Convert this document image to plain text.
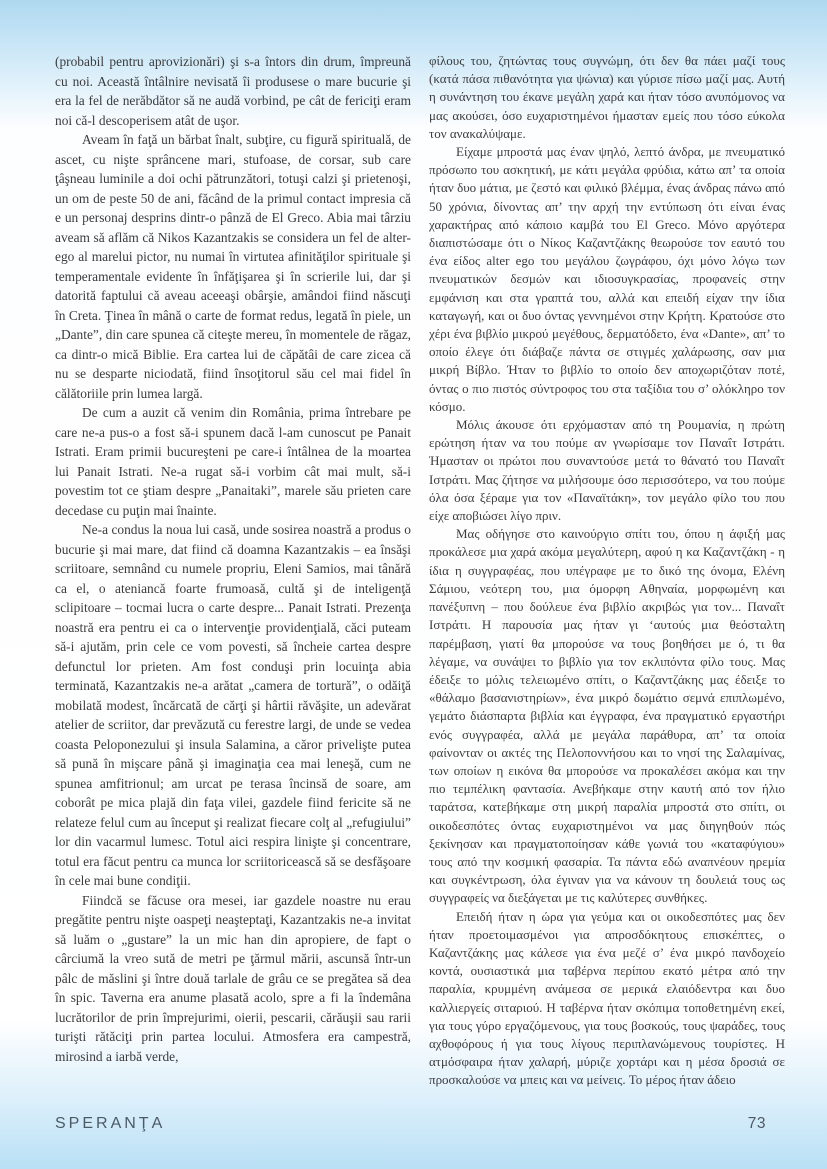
(probabil pentru aprovizionări) şi s-a întors din drum, împreună cu noi. Această întâlnire nevisată îi produsese o mare bucurie şi era la fel de nerăbdător să ne audă vorbind, pe cât de fericiţi eram noi că-l descoperisem atât de uşor.

Aveam în faţă un bărbat înalt, subţire, cu figură spirituală, de ascet, cu nişte sprâncene mari, stufoase, de corsar, sub care ţâşneau luminile a doi ochi pătrunzători, totuşi calzi şi prietenoşi, un om de peste 50 de ani, făcând de la primul contact impresia că e un personaj desprins dintr-o pânză de El Greco. Abia mai târziu aveam să aflăm că Nikos Kazantzakis se considera un fel de alter-ego al marelui pictor, nu numai în virtutea afinităţilor spirituale şi temperamentale evidente în înfăţişarea şi în scrierile lui, dar şi datorită faptului că aveau aceeaşi obârşie, amândoi fiind născuţi în Creta. Ţinea în mână o carte de format redus, legată în piele, un „Dante”, din care spunea că citeşte mereu, în momentele de răgaz, ca dintr-o mică Biblie. Era cartea lui de căpătâi de care zicea că nu se desparte niciodată, fiind însoţitorul său cel mai fidel în călătoriile prin lumea largă.

De cum a auzit că venim din România, prima întrebare pe care ne-a pus-o a fost să-i spunem dacă l-am cunoscut pe Panait Istrati. Eram primii bucureşteni pe care-i întâlnea de la moartea lui Panait Istrati. Ne-a rugat să-i vorbim cât mai mult, să-i povestim tot ce ştiam despre „Panaitaki”, marele său prieten care decedase cu puţin mai înainte.

Ne-a condus la noua lui casă, unde sosirea noastră a produs o bucurie şi mai mare, dat fiind că doamna Kazantzakis – ea însăşi scriitoare, semnând cu numele propriu, Eleni Samios, mai tânără ca el, o ateniancă foarte frumoasă, cultă şi de inteligenţă sclipitoare – tocmai lucra o carte despre... Panait Istrati. Prezenţa noastră era pentru ei ca o intervenţie providenţială, căci puteam să-i ajutăm, prin cele ce vom povesti, să încheie cartea despre defunctul lor prieten. Am fost conduşi prin locuinţa abia terminată, Kazantzakis ne-a arătat „camera de tortură”, o odăiţă mobilată modest, încărcată de cărţi şi hârtii răvăşite, un adevărat atelier de scriitor, dar prevăzută cu ferestre largi, de unde se vedea coasta Peloponezului şi insula Salamina, a căror privelişte putea să pună în mişcare până şi imaginaţia cea mai leneşă, cum ne spunea amfitrionul; am urcat pe terasa încinsă de soare, am coborât pe mica plajă din faţa vilei, gazdele fiind fericite să ne relateze felul cum au început şi realizat fiecare colţ al „refugiului” lor din vacarmul lumesc. Totul aici respira linişte şi concentrare, totul era făcut pentru ca munca lor scriitoricească să se desfăşoare în cele mai bune condiţii.

Fiindcă se făcuse ora mesei, iar gazdele noastre nu erau pregătite pentru nişte oaspeţi neaşteptaţi, Kazantzakis ne-a invitat să luăm o „gustare” la un mic han din apropiere, de fapt o cârciumă la vreo sută de metri pe ţărmul mării, ascunsă într-un pâlc de măslini şi între două tarlale de grâu ce se pregătea să dea în spic. Taverna era anume plasată acolo, spre a fi la îndemâna lucrătorilor de prin împrejurimi, oierii, pescarii, cărăuşii sau rarii turişti rătăciţi prin partea locului. Atmosfera era campestră, mirosind a iarbă verde,

φίλους του, ζητώντας τους συγνώμη, ότι δεν θα πάει μαζί τους (κατά πάσα πιθανότητα για ψώνια) και γύρισε πίσω μαζί μας. Αυτή η συνάντηση του έκανε μεγάλη χαρά και ήταν τόσο ανυπόμονος να μας ακούσει, όσο ευχαριστημένοι ήμασταν εμείς που τόσο εύκολα τον ανακαλύψαμε.

Είχαμε μπροστά μας έναν ψηλό, λεπτό άνδρα, με πνευματικό πρόσωπο του ασκητική, με κάτι μεγάλα φρύδια, κάτω απ’ τα οποία ήταν δυο μάτια, με ζεστό και φιλικό βλέμμα, ένας άνδρας πάνω από 50 χρόνια, δίνοντας απ’ την αρχή την εντύπωση ότι είναι ένας χαρακτήρας από κάποιο καμβά του El Greco. Μόνο αργότερα διαπιστώσαμε ότι ο Νίκος Καζαντζάκης θεωρούσε τον εαυτό του ένα είδος alter ego του μεγάλου ζωγράφου, όχι μόνο λόγω των πνευματικών δεσμών και ιδιοσυγκρασίας, προφανείς στην εμφάνιση και στα γραπτά του, αλλά και επειδή είχαν την ίδια καταγωγή, και οι δυο όντας γεννημένοι στην Κρήτη. Κρατούσε στο χέρι ένα βιβλίο μικρού μεγέθους, δερματόδετο, ένα «Dante», απ’ το οποίο έλεγε ότι διάβαζε πάντα σε στιγμές χαλάρωσης, σαν μια μικρή Βίβλο. Ήταν το βιβλίο το οποίο δεν αποχωριζόταν ποτέ, όντας ο πιο πιστός σύντροφος του στα ταξίδια του σ’ ολόκληρο τον κόσμο.

Μόλις άκουσε ότι ερχόμασταν από τη Ρουμανία, η πρώτη ερώτηση ήταν να του πούμε αν γνωρίσαμε τον Παναΐτ Ιστράτι. Ήμασταν οι πρώτοι που συναντούσε μετά το θάνατό του Παναΐτ Ιστράτι. Μας ζήτησε να μιλήσουμε όσο περισσότερο, να του πούμε όλα όσα ξέραμε για τον «Παναϊτάκη», τον μεγάλο φίλο του που είχε αποβιώσει λίγο πριν.

Μας οδήγησε στο καινούργιο σπίτι του, όπου η άφιξή μας προκάλεσε μια χαρά ακόμα μεγαλύτερη, αφού η κα Καζαντζάκη - η ίδια η συγγραφέας, που υπέγραφε με το δικό της όνομα, Ελένη Σάμιου, νεότερη του, μια όμορφη Αθηναία, μορφωμένη και πανέξυπνη – που δούλευε ένα βιβλίο ακριβώς για τον... Παναΐτ Ιστράτι. Η παρουσία μας ήταν γι ‘αυτούς μια θεόσταλτη παρέμβαση, γιατί θα μπορούσε να τους βοηθήσει με ό, τι θα λέγαμε, να συνάψει το βιβλίο για τον εκλιπόντα φίλο τους. Μας έδειξε το μόλις τελειωμένο σπίτι, ο Καζαντζάκης μας έδειξε το «θάλαμο βασανιστηρίων», ένα μικρό δωμάτιο σεμνά επιπλωμένο, γεμάτο διάσπαρτα βιβλία και έγγραφα, ένα πραγματικό εργαστήρι ενός συγγραφέα, αλλά με μεγάλα παράθυρα, απ’ τα οποία φαίνονταν οι ακτές της Πελοποννήσου και το νησί της Σαλαμίνας, των οποίων η εικόνα θα μπορούσε να προκαλέσει ακόμα και την πιο τεμπέλικη φαντασία. Ανεβήκαμε στην καυτή από τον ήλιο ταράτσα, κατεβήκαμε στη μικρή παραλία μπροστά στο σπίτι, οι οικοδεσπότες όντας ευχαριστημένοι να μας διηγηθούν πώς ξεκίνησαν και πραγματοποίησαν κάθε γωνιά του «καταφύγιου» τους από την κοσμική φασαρία. Τα πάντα εδώ αναπνέουν ηρεμία και συγκέντρωση, όλα έγιναν για να κάνουν τη δουλειά τους ως συγγραφείς να διεξάγεται με τις καλύτερες συνθήκες.

Επειδή ήταν η ώρα για γεύμα και οι οικοδεσπότες μας δεν ήταν προετοιμασμένοι για απροσδόκητους επισκέπτες, ο Καζαντζάκης μας κάλεσε για ένα μεζέ σ’ ένα μικρό πανδοχείο κοντά, ουσιαστικά μια ταβέρνα περίπου εκατό μέτρα από την παραλία, κρυμμένη ανάμεσα σε μερικά ελαιόδεντρα και δυο καλλιεργείς σιταριού. Η ταβέρνα ήταν σκόπιμα τοποθετημένη εκεί, για τους γύρο εργαζόμενους, για τους βοσκούς, τους ψαράδες, τους αχθοφόρους ή για τους λίγους περιπλανώμενους τουρίστες. Η ατμόσφαιρα ήταν χαλαρή, μύριζε χορτάρι και η μέσα δροσιά σε προσκαλούσε να μπεις και να μείνεις. Το μέρος ήταν άδειο

SPERANŢA	73
